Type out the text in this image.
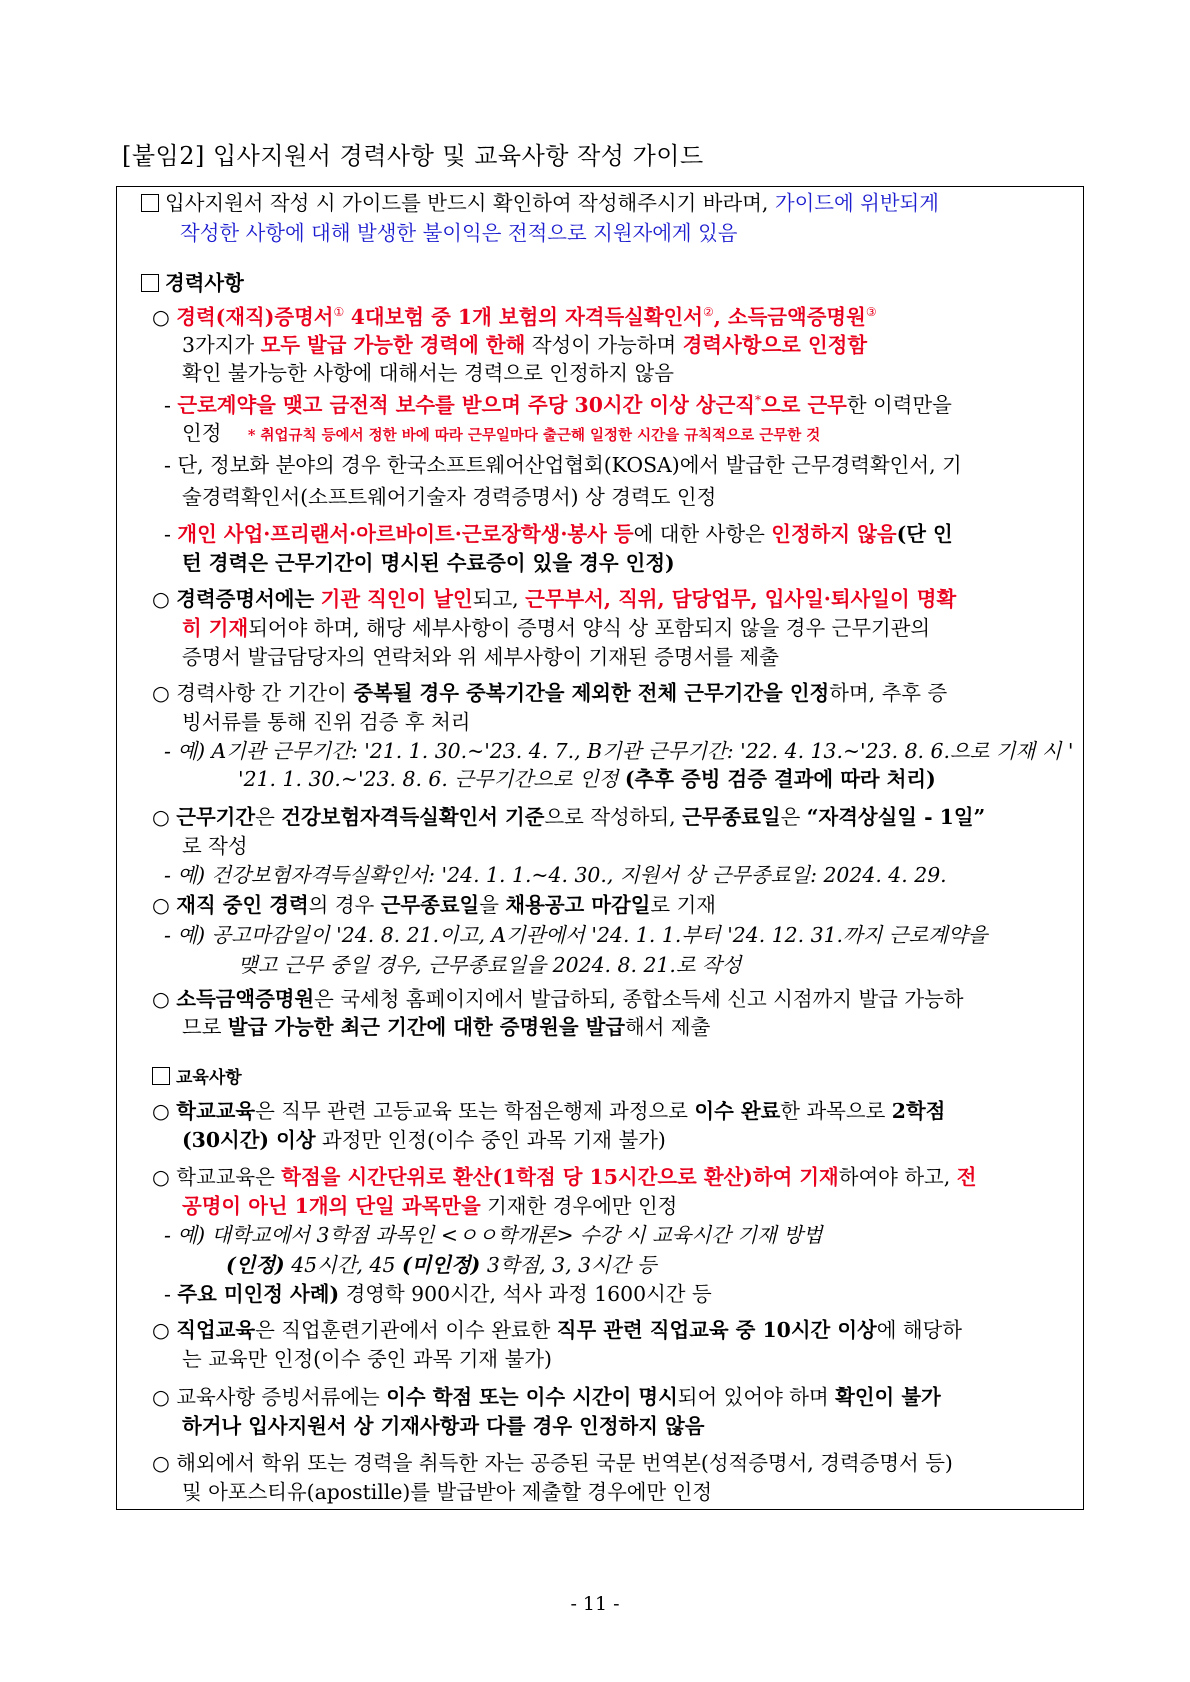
[붙임2] 입사지원서 경력사항 및 교육사항 작성 가이드
입사지원서 작성 시 가이드를 반드시 확인하여 작성해주시기 바라며, 가이드에 위반되게
작성한 사항에 대해 발생한 불이익은 전적으로 지원자에게 있음
경력사항
○ 경력(재직)증명서① 4대보험 중 1개 보험의 자격득실확인서②, 소득금액증명원③
3가지가 모두 발급 가능한 경력에 한해 작성이 가능하며 경력사항으로 인정함
확인 불가능한 사항에 대해서는 경력으로 인정하지 않음
- 근로계약을 맺고 금전적 보수를 받으며 주당 30시간 이상 상근직*으로 근무한 이력만을
인정 * 취업규칙 등에서 정한 바에 따라 근무일마다 출근해 일정한 시간을 규칙적으로 근무한 것
- 단, 정보화 분야의 경우 한국소프트웨어산업협회(KOSA)에서 발급한 근무경력확인서, 기
술경력확인서(소프트웨어기술자 경력증명서) 상 경력도 인정
- 개인 사업·프리랜서·아르바이트·근로장학생·봉사 등에 대한 사항은 인정하지 않음(단 인
턴 경력은 근무기간이 명시된 수료증이 있을 경우 인정)
○ 경력증명서에는 기관 직인이 날인되고, 근무부서, 직위, 담당업무, 입사일·퇴사일이 명확
히 기재되어야 하며, 해당 세부사항이 증명서 양식 상 포함되지 않을 경우 근무기관의
증명서 발급담당자의 연락처와 위 세부사항이 기재된 증명서를 제출
○ 경력사항 간 기간이 중복될 경우 중복기간을 제외한 전체 근무기간을 인정하며, 추후 증
빙서류를 통해 진위 검증 후 처리
- 예) A기관 근무기간: '21. 1. 30.~'23. 4. 7., B기관 근무기간: '22. 4. 13.~'23. 8. 6.으로 기재 시 '
'21. 1. 30.~'23. 8. 6. 근무기간으로 인정 (추후 증빙 검증 결과에 따라 처리)
○ 근무기간은 건강보험자격득실확인서 기준으로 작성하되, 근무종료일은 “자격상실일 - 1일”
로 작성
- 예) 건강보험자격득실확인서: '24. 1. 1.~4. 30., 지원서 상 근무종료일: 2024. 4. 29.
○ 재직 중인 경력의 경우 근무종료일을 채용공고 마감일로 기재
- 예) 공고마감일이 '24. 8. 21.이고, A기관에서 '24. 1. 1.부터 '24. 12. 31.까지 근로계약을
맺고 근무 중일 경우, 근무종료일을 2024. 8. 21.로 작성
○ 소득금액증명원은 국세청 홈페이지에서 발급하되, 종합소득세 신고 시점까지 발급 가능하
므로 발급 가능한 최근 기간에 대한 증명원을 발급해서 제출
교육사항
○ 학교교육은 직무 관련 고등교육 또는 학점은행제 과정으로 이수 완료한 과목으로 2학점
(30시간) 이상 과정만 인정(이수 중인 과목 기재 불가)
○ 학교교육은 학점을 시간단위로 환산(1학점 당 15시간으로 환산)하여 기재하여야 하고, 전
공명이 아닌 1개의 단일 과목만을 기재한 경우에만 인정
- 예) 대학교에서 3학점 과목인 <ㅇㅇ학개론> 수강 시 교육시간 기재 방법
(인정) 45시간, 45 (미인정) 3학점, 3, 3시간 등
- 주요 미인정 사례) 경영학 900시간, 석사 과정 1600시간 등
○ 직업교육은 직업훈련기관에서 이수 완료한 직무 관련 직업교육 중 10시간 이상에 해당하
는 교육만 인정(이수 중인 과목 기재 불가)
○ 교육사항 증빙서류에는 이수 학점 또는 이수 시간이 명시되어 있어야 하며 확인이 불가
하거나 입사지원서 상 기재사항과 다를 경우 인정하지 않음
○ 해외에서 학위 또는 경력을 취득한 자는 공증된 국문 번역본(성적증명서, 경력증명서 등)
및 아포스티유(apostille)를 발급받아 제출할 경우에만 인정
- 11 -
